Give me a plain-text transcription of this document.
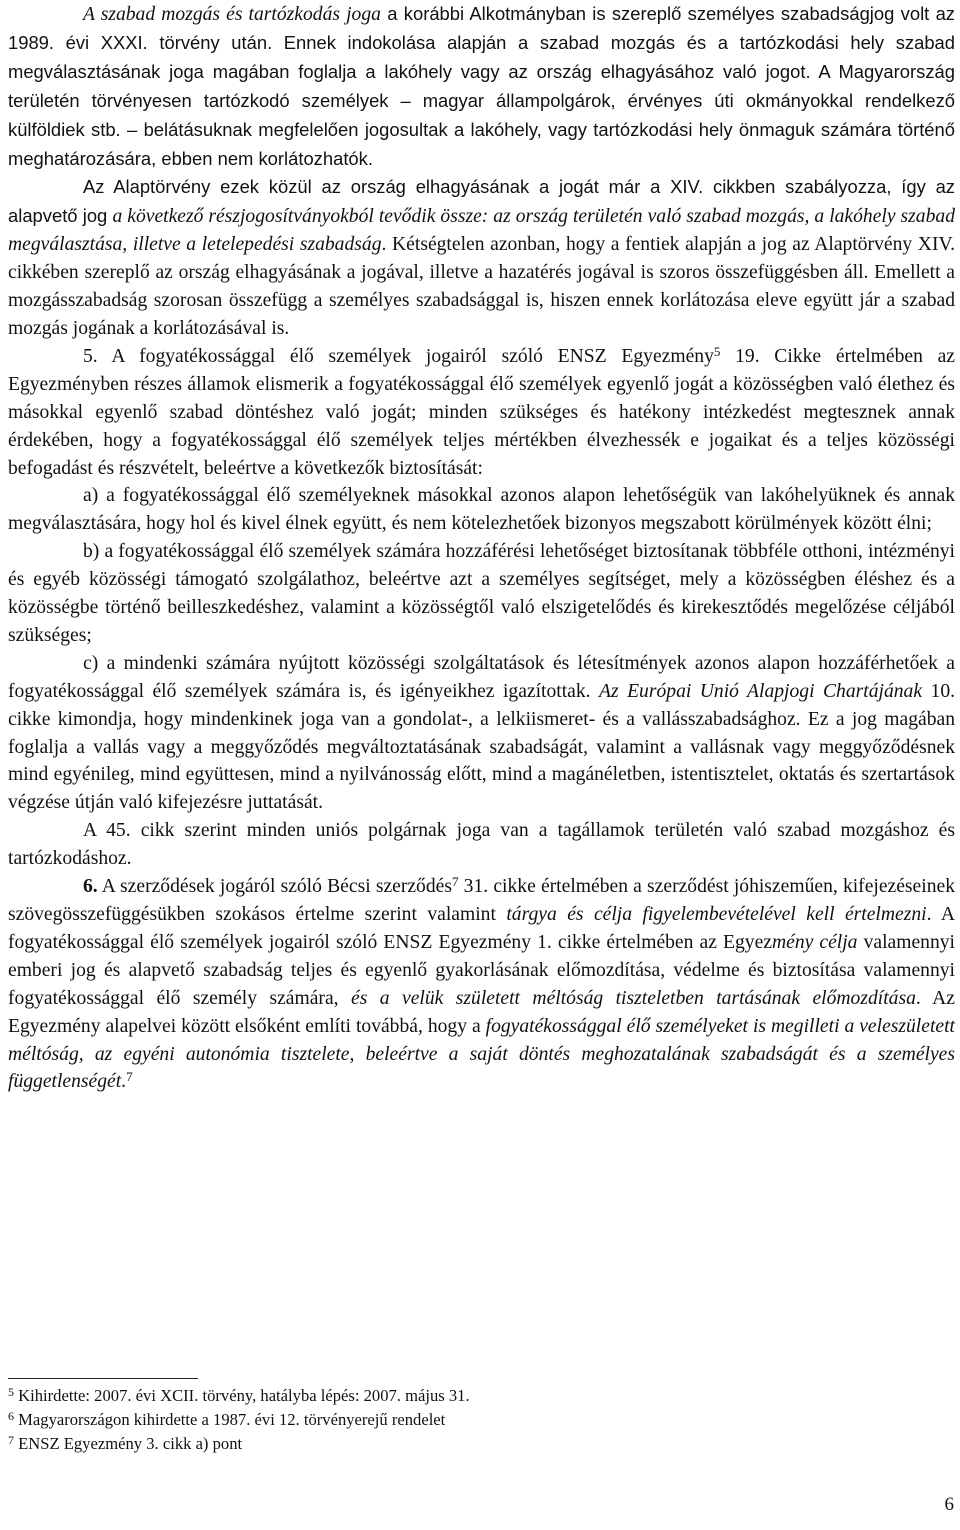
A szabad mozgás és tartózkodás joga a korábbi Alkotmányban is szereplő személyes szabadságjog volt az 1989. évi XXXI. törvény után. Ennek indokolása alapján a szabad mozgás és a tartózkodási hely szabad megválasztásának joga magában foglalja a lakóhely vagy az ország elhagyásához való jogot. A Magyarország területén törvényesen tartózkodó személyek – magyar állampolgárok, érvényes úti okmányokkal rendelkező külföldiek stb. – belátásuknak megfelelően jogosultak a lakóhely, vagy tartózkodási hely önmaguk számára történő meghatározására, ebben nem korlátozhatók.

Az Alaptörvény ezek közül az ország elhagyásának a jogát már a XIV. cikkben szabályozza, így az alapvető jog a következő részjogosítványokból tevődik össze: az ország területén való szabad mozgás, a lakóhely szabad megválasztása, illetve a letelepedési szabadság. Kétségtelen azonban, hogy a fentiek alapján a jog az Alaptörvény XIV. cikkében szereplő az ország elhagyásának a jogával, illetve a hazatérés jogával is szoros összefüggésben áll. Emellett a mozgásszabadság szorosan összefügg a személyes szabadsággal is, hiszen ennek korlátozása eleve együtt jár a szabad mozgás jogának a korlátozásával is.

5. A fogyatékossággal élő személyek jogairól szóló ENSZ Egyezmény$^5$ 19. Cikke értelmében az Egyezményben részes államok elismerik a fogyatékossággal élő személyek egyenlő jogát a közösségben való élethez és másokkal egyenlő szabad döntéshez való jogát; minden szükséges és hatékony intézkedést megtesznek annak érdekében, hogy a fogyatékossággal élő személyek teljes mértékben élvezhessék e jogaikat és a teljes közösségi befogadást és részvételt, beleértve a következők biztosítását:

a) a fogyatékossággal élő személyeknek másokkal azonos alapon lehetőségük van lakóhelyüknek és annak megválasztására, hogy hol és kivel élnek együtt, és nem kötelezhetőek bizonyos megszabott körülmények között élni;

b) a fogyatékossággal élő személyek számára hozzáférési lehetőséget biztosítanak többféle otthoni, intézményi és egyéb közösségi támogató szolgálathoz, beleértve azt a személyes segítséget, mely a közösségben éléshez és a közösségbe történő beilleszkedéshez, valamint a közösségtől való elszigetelődés és kirekesztődés megelőzése céljából szükséges;

c) a mindenki számára nyújtott közösségi szolgáltatások és létesítmények azonos alapon hozzáférhetőek a fogyatékossággal élő személyek számára is, és igényeikhez igazítottak. Az Európai Unió Alapjogi Chartájának 10. cikke kimondja, hogy mindenkinek joga van a gondolat-, a lelkiismeret- és a vallásszabadsághoz. Ez a jog magában foglalja a vallás vagy a meggyőződés megváltoztatásának szabadságát, valamint a vallásnak vagy meggyőződésnek mind egyénileg, mind együttesen, mind a nyilvánosság előtt, mind a magánéletben, istentisztelet, oktatás és szertartások végzése útján való kifejezésre juttatását.

A 45. cikk szerint minden uniós polgárnak joga van a tagállamok területén való szabad mozgáshoz és tartózkodáshoz.

6. A szerződések jogáról szóló Bécsi szerződés$^7$ 31. cikke értelmében a szerződést jóhiszeműen, kifejezéseinek szövegösszefüggésükben szokásos értelme szerint valamint tárgya és célja figyelembevételével kell értelmezni. A fogyatékossággal élő személyek jogairól szóló ENSZ Egyezmény 1. cikke értelmében az Egyezmény célja valamennyi emberi jog és alapvető szabadság teljes és egyenlő gyakorlásának előmozdítása, védelme és biztosítása valamennyi fogyatékossággal élő személy számára, és a velük született méltóság tiszteletben tartásának előmozdítása. Az Egyezmény alapelvei között elsőként említi továbbá, hogy a fogyatékossággal élő személyeket is megilleti a veleszületett méltóság, az egyéni autonómia tisztelete, beleértve a saját döntés meghozatalának szabadságát és a személyes függetlenségét.$^7$

$^5$ Kihirdette: 2007. évi XCII. törvény, hatályba lépés: 2007. május 31.
$^6$ Magyarországon kihirdette a 1987. évi 12. törvényerejű rendelet
$^7$ ENSZ Egyezmény 3. cikk a) pont
6
